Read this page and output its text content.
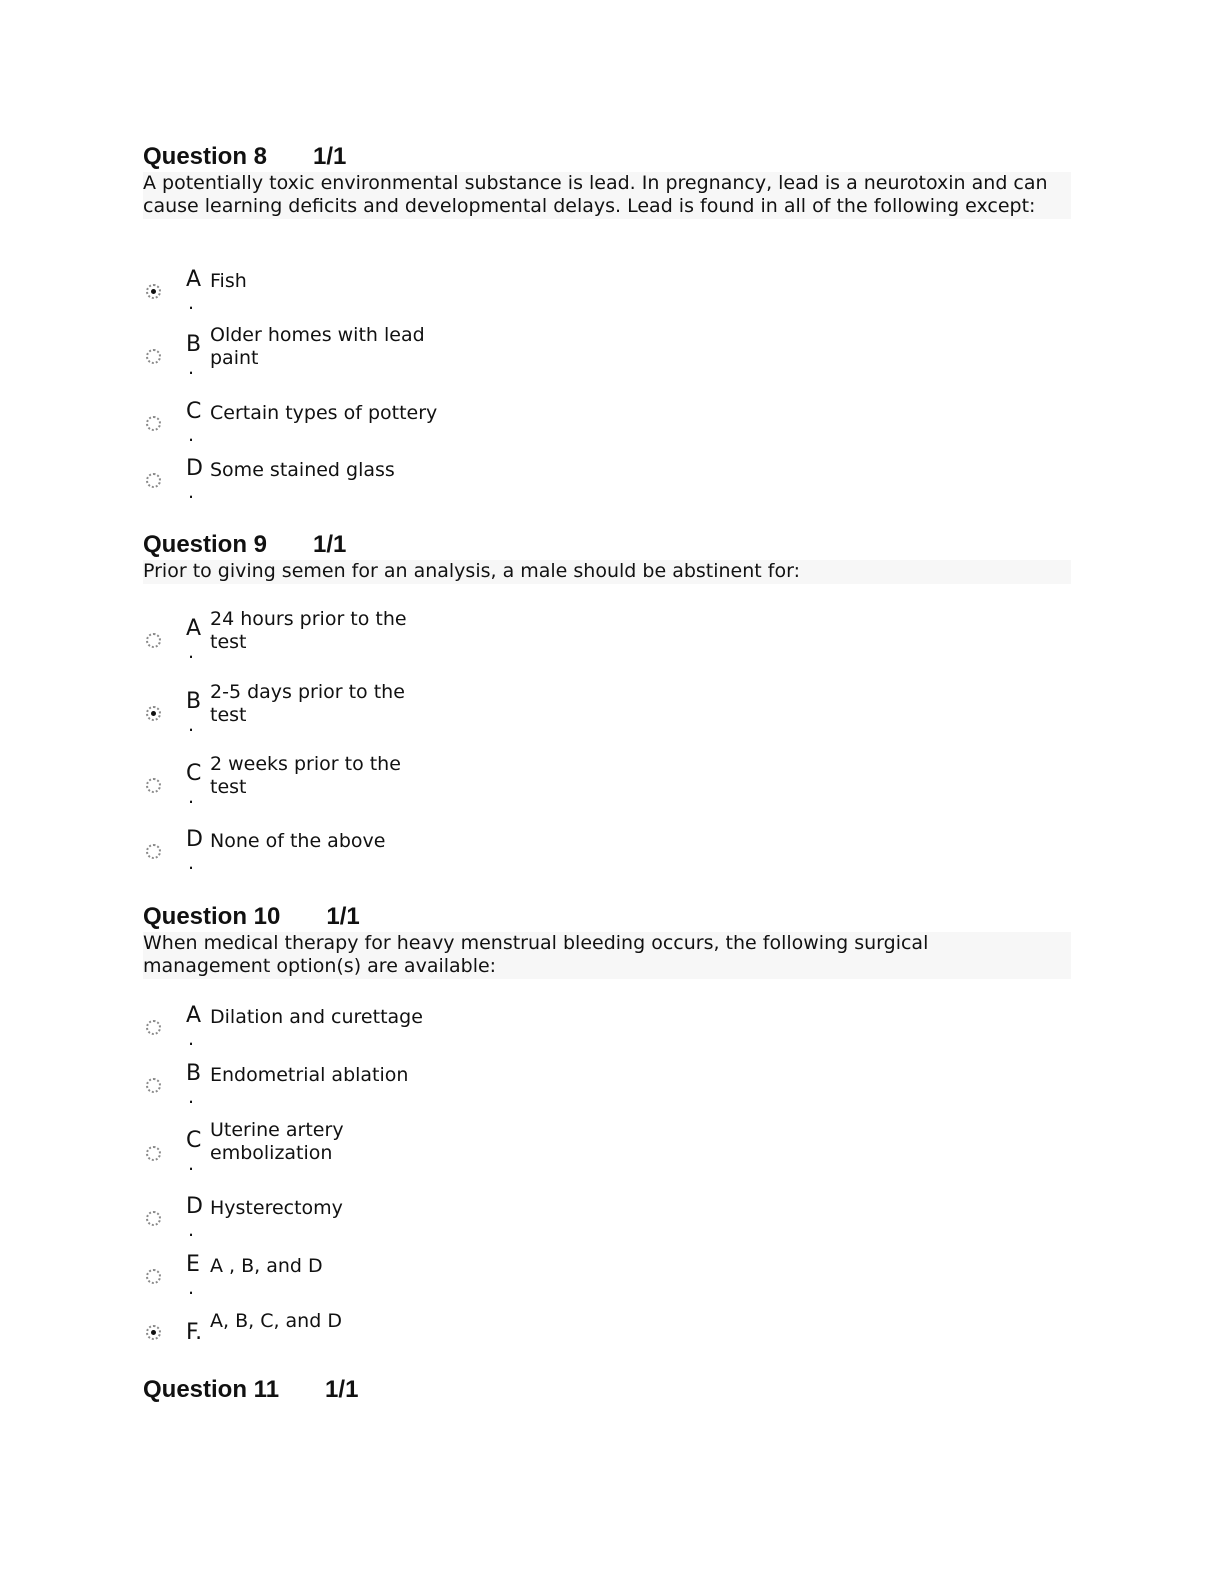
Question 8 1/1
A potentially toxic environmental substance is lead. In pregnancy, lead is a neurotoxin and can cause learning deficits and developmental delays. Lead is found in all of the following except:
A Fish
.
B Older homes with lead paint
.
C Certain types of pottery
.
D Some stained glass
.
Question 9 1/1
Prior to giving semen for an analysis, a male should be abstinent for:
A 24 hours prior to the test
.
B 2-5 days prior to the test
.
C 2 weeks prior to the test
.
D None of the above
.
Question 10 1/1
When medical therapy for heavy menstrual bleeding occurs, the following surgical management option(s) are available:
A Dilation and curettage
.
B Endometrial ablation
.
C Uterine artery embolization
.
D Hysterectomy
.
E A , B, and D
.
F. A, B, C, and D
Question 11 1/1
